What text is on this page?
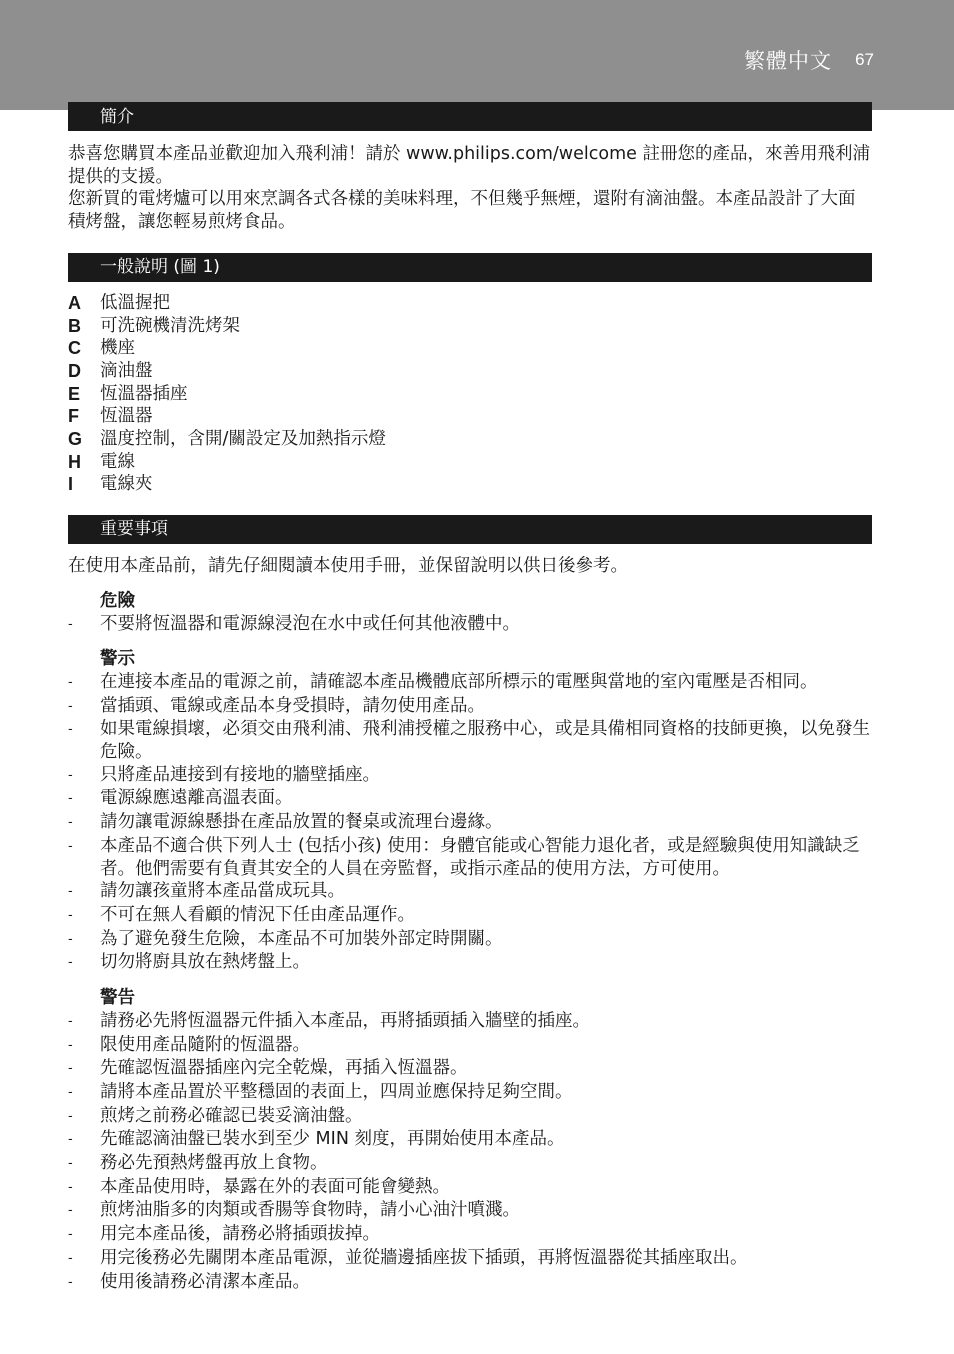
繁體中文 67
簡介

恭喜您購買本產品並歡迎加入飛利浦！請於 www.philips.com/welcome 註冊您的產品，來善用飛利浦提供的支援。

您新買的電烤爐可以用來烹調各式各樣的美味料理，不但幾乎無煙，還附有滴油盤。本產品設計了大面積烤盤，讓您輕易煎烤食品。

一般說明 (圖 1)
A	低溫握把
B	可洗碗機清洗烤架
C	機座
D	滴油盤
E	恆溫器插座
F	恆溫器
G	溫度控制，含開/關設定及加熱指示燈
H	電線
I	電線夾
重要事項

在使用本產品前，請先仔細閱讀本使用手冊，並保留說明以供日後參考。

危險
-	不要將恆溫器和電源線浸泡在水中或任何其他液體中。
警示
-	在連接本產品的電源之前，請確認本產品機體底部所標示的電壓與當地的室內電壓是否相同。
-	當插頭、電線或產品本身受損時，請勿使用產品。
-	如果電線損壞，必須交由飛利浦、飛利浦授權之服務中心，或是具備相同資格的技師更換，以免發生危險。
-	只將產品連接到有接地的牆壁插座。
-	電源線應遠離高溫表面。
-	請勿讓電源線懸掛在產品放置的餐桌或流理台邊緣。
-	本產品不適合供下列人士 (包括小孩) 使用：身體官能或心智能力退化者，或是經驗與使用知識缺乏者。他們需要有負責其安全的人員在旁監督，或指示產品的使用方法，方可使用。
-	請勿讓孩童將本產品當成玩具。
-	不可在無人看顧的情況下任由產品運作。
-	為了避免發生危險，本產品不可加裝外部定時開關。
-	切勿將廚具放在熱烤盤上。
警告
-	請務必先將恆溫器元件插入本產品，再將插頭插入牆壁的插座。
-	限使用產品隨附的恆溫器。
-	先確認恆溫器插座內完全乾燥，再插入恆溫器。
-	請將本產品置於平整穩固的表面上，四周並應保持足夠空間。
-	煎烤之前務必確認已裝妥滴油盤。
-	先確認滴油盤已裝水到至少 MIN 刻度，再開始使用本產品。
-	務必先預熱烤盤再放上食物。
-	本產品使用時，暴露在外的表面可能會變熱。
-	煎烤油脂多的肉類或香腸等食物時，請小心油汁噴濺。
-	用完本產品後，請務必將插頭拔掉。
-	用完後務必先關閉本產品電源，並從牆邊插座拔下插頭，再將恆溫器從其插座取出。
-	使用後請務必清潔本產品。
